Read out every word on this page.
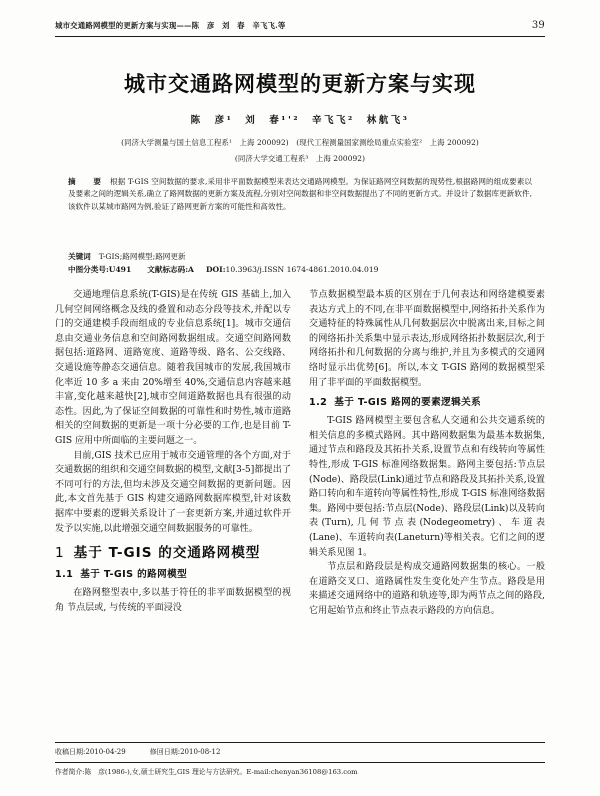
城市交通路网模型的更新方案与实现——陈　彦　刘　春　辛飞飞.等	39
城市交通路网模型的更新方案与实现
陈　彦¹　刘　春¹'²　辛飞飞²　林航飞³
(同济大学测量与国土信息工程系¹　上海 200092)　(现代工程测量国家测绘局重点实验室²　上海 200092)
(同济大学交通工程系³　上海 200092)
摘　要 根据 T-GIS 空间数据的要求,采用非平面数据模型来表达交通路网模型。为保证路网空间数据的现势性,根据路网的组成要素以及要素之间的逻辑关系,确立了路网数据的更新方案及流程,分别对空间数据和非空间数据提出了不同的更新方式。并设计了数据库更新软件,该软件以某城市路网为例,验证了路网更新方案的可能性和高效性。
关键词 T-GIS;路网模型;路网更新
中图分类号:U491 文献标志码:A DOI:10.3963/j.ISSN 1674-4861.2010.04.019

交通地理信息系统(T-GIS)是在传统 GIS 基础上,加入几何空间网络概念及线的叠置和动态分段等技术,并配以专门的交通建模手段而组成的专业信息系统[1]。城市交通信息由交通业务信息和空间路网数据组成。交通空间路网数据包括:道路网、道路宽度、道路等级、路名、公交线路、交通设施等静态交通信息。随着我国城市的发展,我国城市化率近 10 多 a 来由 20%增至 40%,交通信息内容越来越丰富,变化越来越快[2],城市空间道路数据也具有很强的动态性。因此,为了保证空间数据的可靠性和时势性,城市道路相关的空间数据的更新是一项十分必要的工作,也是目前 T-GIS 应用中所面临的主要问题之一。

目前,GIS 技术已应用于城市交通管理的各个方面,对于交通数据的组织和交通空间数据的模型,文献[3-5]都提出了不同可行的方法,但均未涉及交通空间数据的更新问题。因此,本文首先基于 GIS 构建交通路网数据库模型,针对该数据库中要素的逻辑关系设计了一套更新方案,并通过软件开发予以实施,以此增强交通空间数据服务的可靠性。

1 基于 T-GIS 的交通路网模型
1.1 基于 T-GIS 的路网模型

在路网整型表中,多以基于符任的非平面数据模型的视角 节点层或, 与传统的平面浸没

节点数据模型最本质的区别在于几何表达和网络建模要素表达方式上的不同,在非平面数据模型中,网络拓扑关系作为交通特征的特殊属性从几何数据层次中脱离出来,目标之间的网络拓扑关系集中显示表达,形成网络拓扑数据层次,利于网络拓扑和几何数据的分离与维护,并且为多模式的交通网络时显示出优势[6]。所以,本文 T-GIS 路网的数据模型采用了非平面的平面数据模型。

1.2 基于 T-GIS 路网的要素逻辑关系

T-GIS 路网模型主要包含私人交通和公共交通系统的相关信息的多模式路网。其中路网数据集为最基本数据集,通过节点和路段及其拓扑关系,设置节点和有线转向等属性特性,形成 T-GIS 标准网络数据集。路网主要包括:节点层(Node)、路段层(Link)通过节点和路段及其拓扑关系,设置路口转向和车道转向等属性特性,形成 T-GIS 标准网络数据集。路网中要包括:节点层(Node)、路段层(Link)以及转向表(Turn),几何节点表(Nodegeometry)、车道表(Lane)、车道转向表(Laneturn)等相关表。它们之间的逻辑关系见图 1。

节点层和路段层是构成交通路网数据集的核心。一般在道路交叉口、道路属性发生变化处产生节点。路段是用来描述交通网络中的道路和轨迹等,即为两节点之间的路段,它用起始节点和终止节点表示路段的方向信息。

收稿日期:2010-04-29	修回日期:2010-08-12
作者简介:陈　彦(1986-),女,硕士研究生,GIS 理论与方法研究。E-mail:chenyan36108@163.com
